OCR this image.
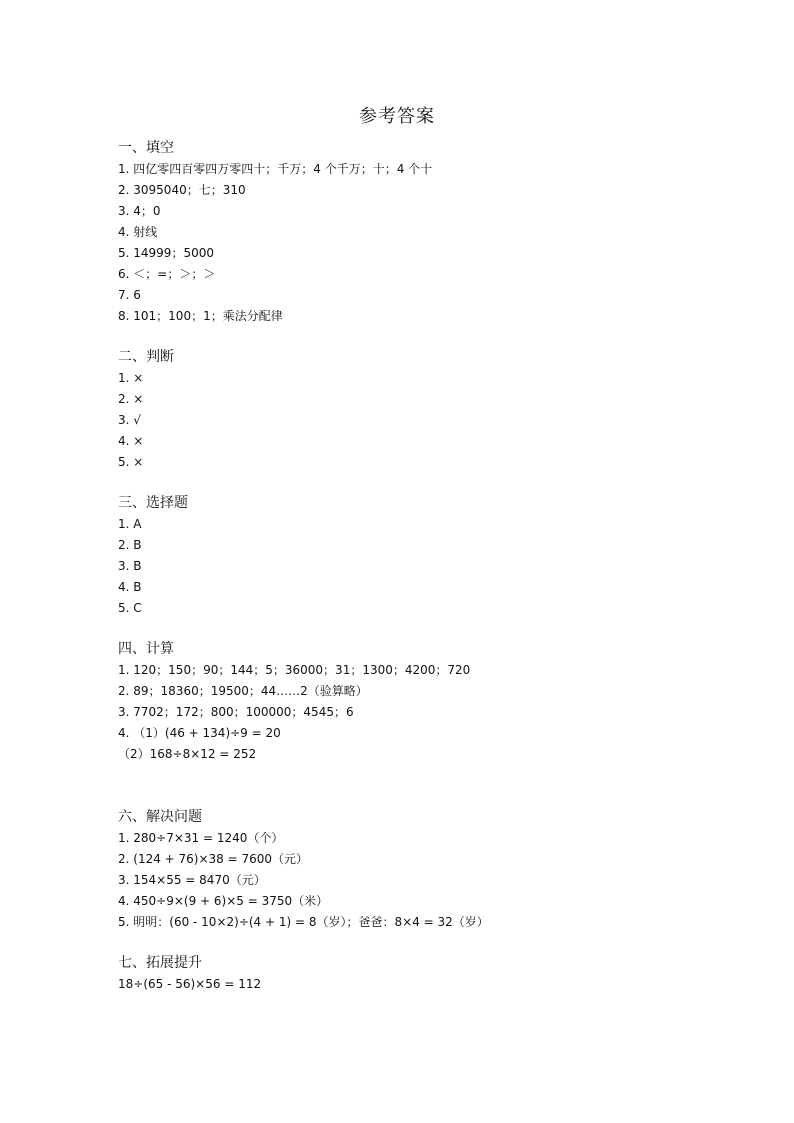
参考答案

一、填空

1. 四亿零四百零四万零四十；千万；4 个千万；十；4 个十

2. 3095040；七；310

3. 4；0

4. 射线

5. 14999；5000

6. ＜；=；＞；＞

7. 6

8. 101；100；1；乘法分配律

二、判断

1. ×

2. ×

3. √

4. ×

5. ×

三、选择题

1. A

2. B

3. B

4. B

5. C

四、计算

1. 120；150；90；144；5；36000；31；1300；4200；720

2. 89；18360；19500；44……2（验算略）

3. 7702；172；800；100000；4545；6

4. （1）(46 + 134)÷9 = 20

（2）168÷8×12 = 252

六、解决问题

1. 280÷7×31 = 1240（个）

2. (124 + 76)×38 = 7600（元）

3. 154×55 = 8470（元）

4. 450÷9×(9 + 6)×5 = 3750（米）

5. 明明：(60 - 10×2)÷(4 + 1) = 8（岁）；爸爸：8×4 = 32（岁）

七、拓展提升

18÷(65 - 56)×56 = 112
